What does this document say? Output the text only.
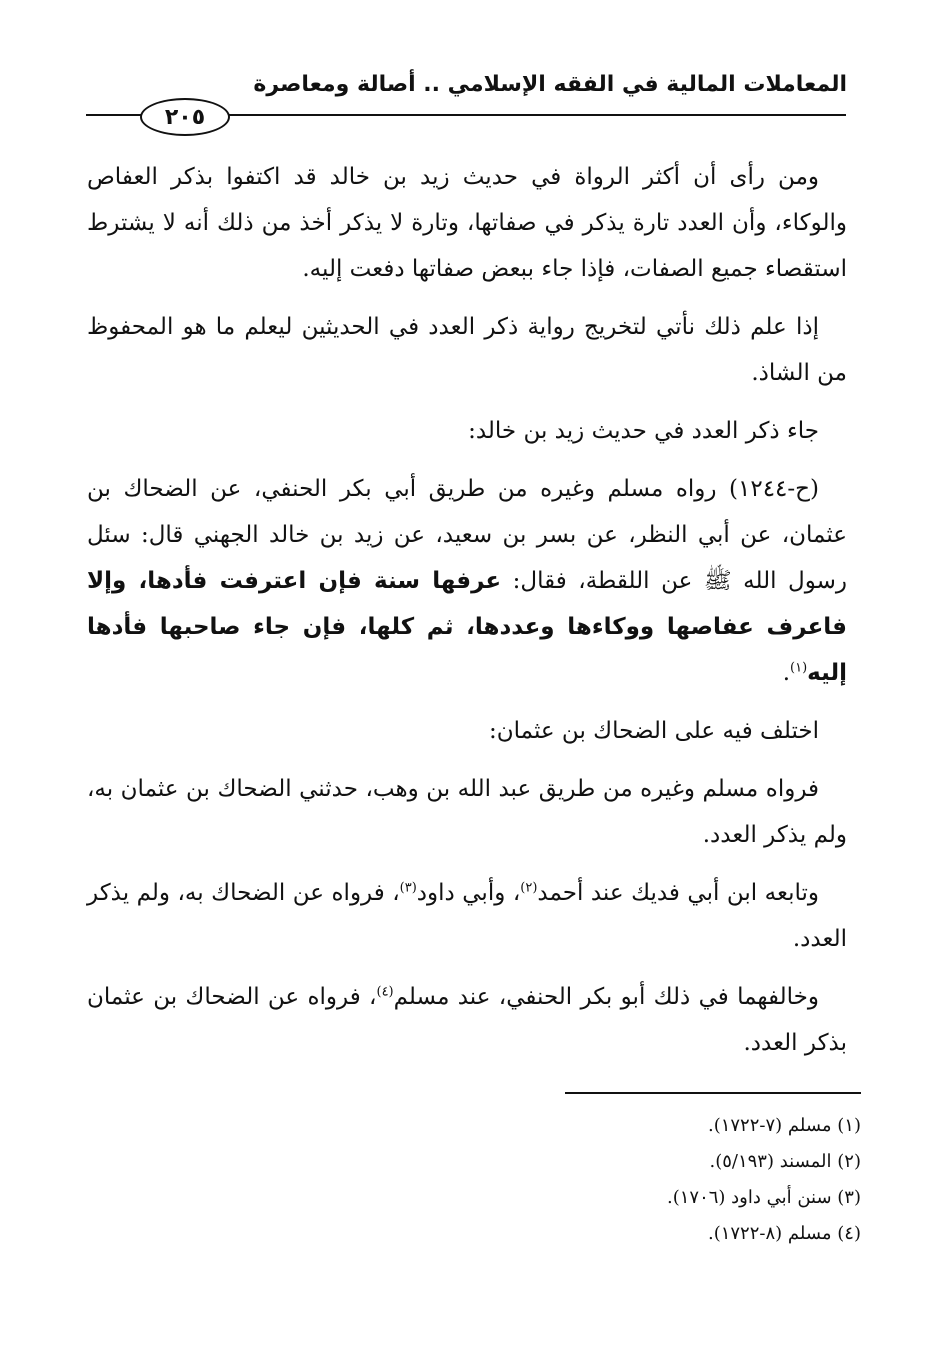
المعاملات المالية في الفقه الإسلامي .. أصالة ومعاصرة
٢٠٥

ومن رأى أن أكثر الرواة في حديث زيد بن خالد قد اكتفوا بذكر العفاص والوكاء، وأن العدد تارة يذكر في صفاتها، وتارة لا يذكر أخذ من ذلك أنه لا يشترط استقصاء جميع الصفات، فإذا جاء ببعض صفاتها دفعت إليه.

إذا علم ذلك نأتي لتخريج رواية ذكر العدد في الحديثين ليعلم ما هو المحفوظ من الشاذ.

جاء ذكر العدد في حديث زيد بن خالد:

(ح-١٢٤٤) رواه مسلم وغيره من طريق أبي بكر الحنفي، عن الضحاك بن عثمان، عن أبي النظر، عن بسر بن سعيد، عن زيد بن خالد الجهني قال: سئل رسول الله ﷺ عن اللقطة، فقال: عرفها سنة فإن اعترفت فأدها، وإلا فاعرف عفاصها ووكاءها وعددها، ثم كلها، فإن جاء صاحبها فأدها إليه$^{(١)}$.

اختلف فيه على الضحاك بن عثمان:

فرواه مسلم وغيره من طريق عبد الله بن وهب، حدثني الضحاك بن عثمان به، ولم يذكر العدد.

وتابعه ابن أبي فديك عند أحمد$^{(٢)}$، وأبي داود$^{(٣)}$، فرواه عن الضحاك به، ولم يذكر العدد.

وخالفهما في ذلك أبو بكر الحنفي، عند مسلم$^{(٤)}$، فرواه عن الضحاك بن عثمان بذكر العدد.

(١) مسلم (٧-١٧٢٢).
(٢) المسند (٥/١٩٣).
(٣) سنن أبي داود (١٧٠٦).
(٤) مسلم (٨-١٧٢٢).
